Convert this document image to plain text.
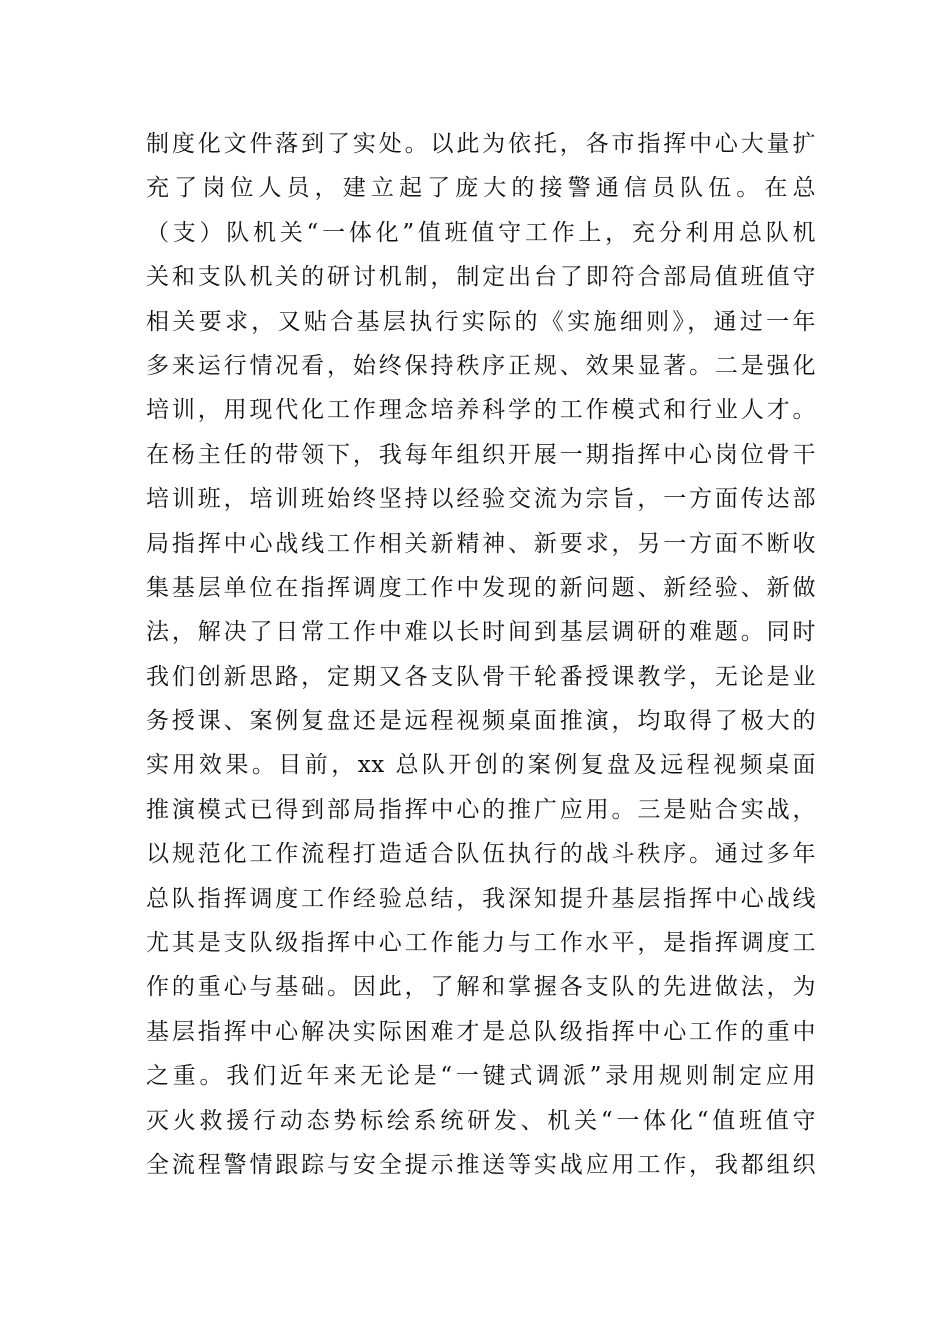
制度化文件落到了实处。以此为依托，各市指挥中心大量扩
充了岗位人员，建立起了庞大的接警通信员队伍。在总
（支）队机关“一体化”值班值守工作上，充分利用总队机
关和支队机关的研讨机制，制定出台了即符合部局值班值守
相关要求，又贴合基层执行实际的《实施细则》，通过一年
多来运行情况看，始终保持秩序正规、效果显著。二是强化
培训，用现代化工作理念培养科学的工作模式和行业人才。
在杨主任的带领下，我每年组织开展一期指挥中心岗位骨干
培训班，培训班始终坚持以经验交流为宗旨，一方面传达部
局指挥中心战线工作相关新精神、新要求，另一方面不断收
集基层单位在指挥调度工作中发现的新问题、新经验、新做
法，解决了日常工作中难以长时间到基层调研的难题。同时
我们创新思路，定期又各支队骨干轮番授课教学，无论是业
务授课、案例复盘还是远程视频桌面推演，均取得了极大的
实用效果。目前，xx 总队开创的案例复盘及远程视频桌面
推演模式已得到部局指挥中心的推广应用。三是贴合实战，
以规范化工作流程打造适合队伍执行的战斗秩序。通过多年
总队指挥调度工作经验总结，我深知提升基层指挥中心战线
尤其是支队级指挥中心工作能力与工作水平，是指挥调度工
作的重心与基础。因此，了解和掌握各支队的先进做法，为
基层指挥中心解决实际困难才是总队级指挥中心工作的重中
之重。我们近年来无论是“一键式调派”录用规则制定应用
灭火救援行动态势标绘系统研发、机关“一体化“值班值守
全流程警情跟踪与安全提示推送等实战应用工作，我都组织
